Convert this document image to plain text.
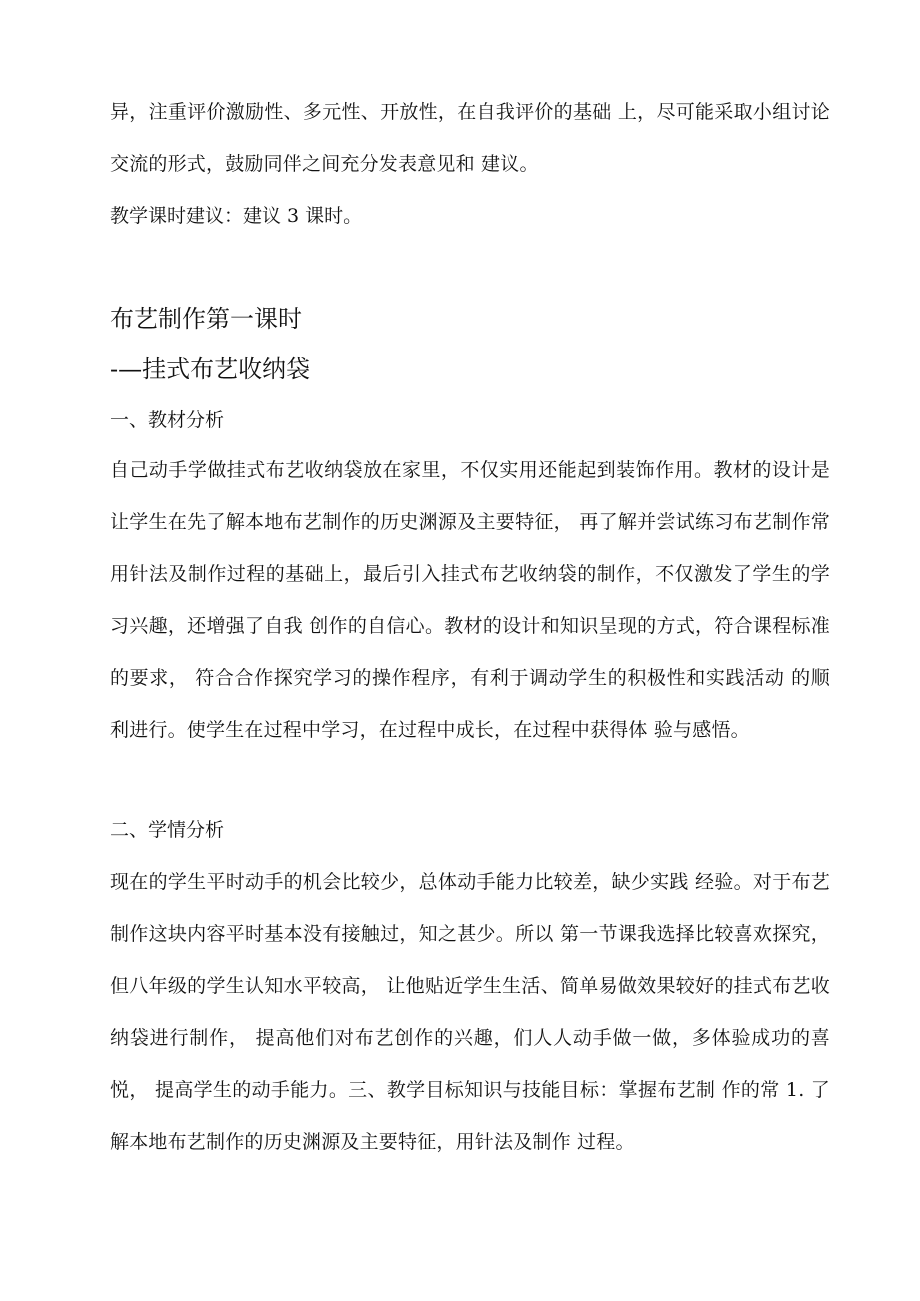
异，注重评价激励性、多元性、开放性，在自我评价的基础 上，尽可能采取小组讨论交流的形式，鼓励同伴之间充分发表意见和 建议。

教学课时建议：建议 3 课时。

布艺制作第一课时

-—挂式布艺收纳袋

一、教材分析

自己动手学做挂式布艺收纳袋放在家里，不仅实用还能起到装饰作用。教材的设计是让学生在先了解本地布艺制作的历史渊源及主要特征， 再了解并尝试练习布艺制作常用针法及制作过程的基础上，最后引入挂式布艺收纳袋的制作，不仅激发了学生的学习兴趣，还增强了自我 创作的自信心。教材的设计和知识呈现的方式，符合课程标准的要求， 符合合作探究学习的操作程序，有利于调动学生的积极性和实践活动 的顺利进行。使学生在过程中学习，在过程中成长，在过程中获得体 验与感悟。

二、学情分析

现在的学生平时动手的机会比较少，总体动手能力比较差，缺少实践 经验。对于布艺制作这块内容平时基本没有接触过，知之甚少。所以 第一节课我选择比较喜欢探究，但八年级的学生认知水平较高， 让他贴近学生生活、简单易做效果较好的挂式布艺收纳袋进行制作， 提高他们对布艺创作的兴趣，们人人动手做一做，多体验成功的喜悦， 提高学生的动手能力。三、教学目标知识与技能目标：掌握布艺制 作的常 1. 了解本地布艺制作的历史渊源及主要特征，用针法及制作 过程。
